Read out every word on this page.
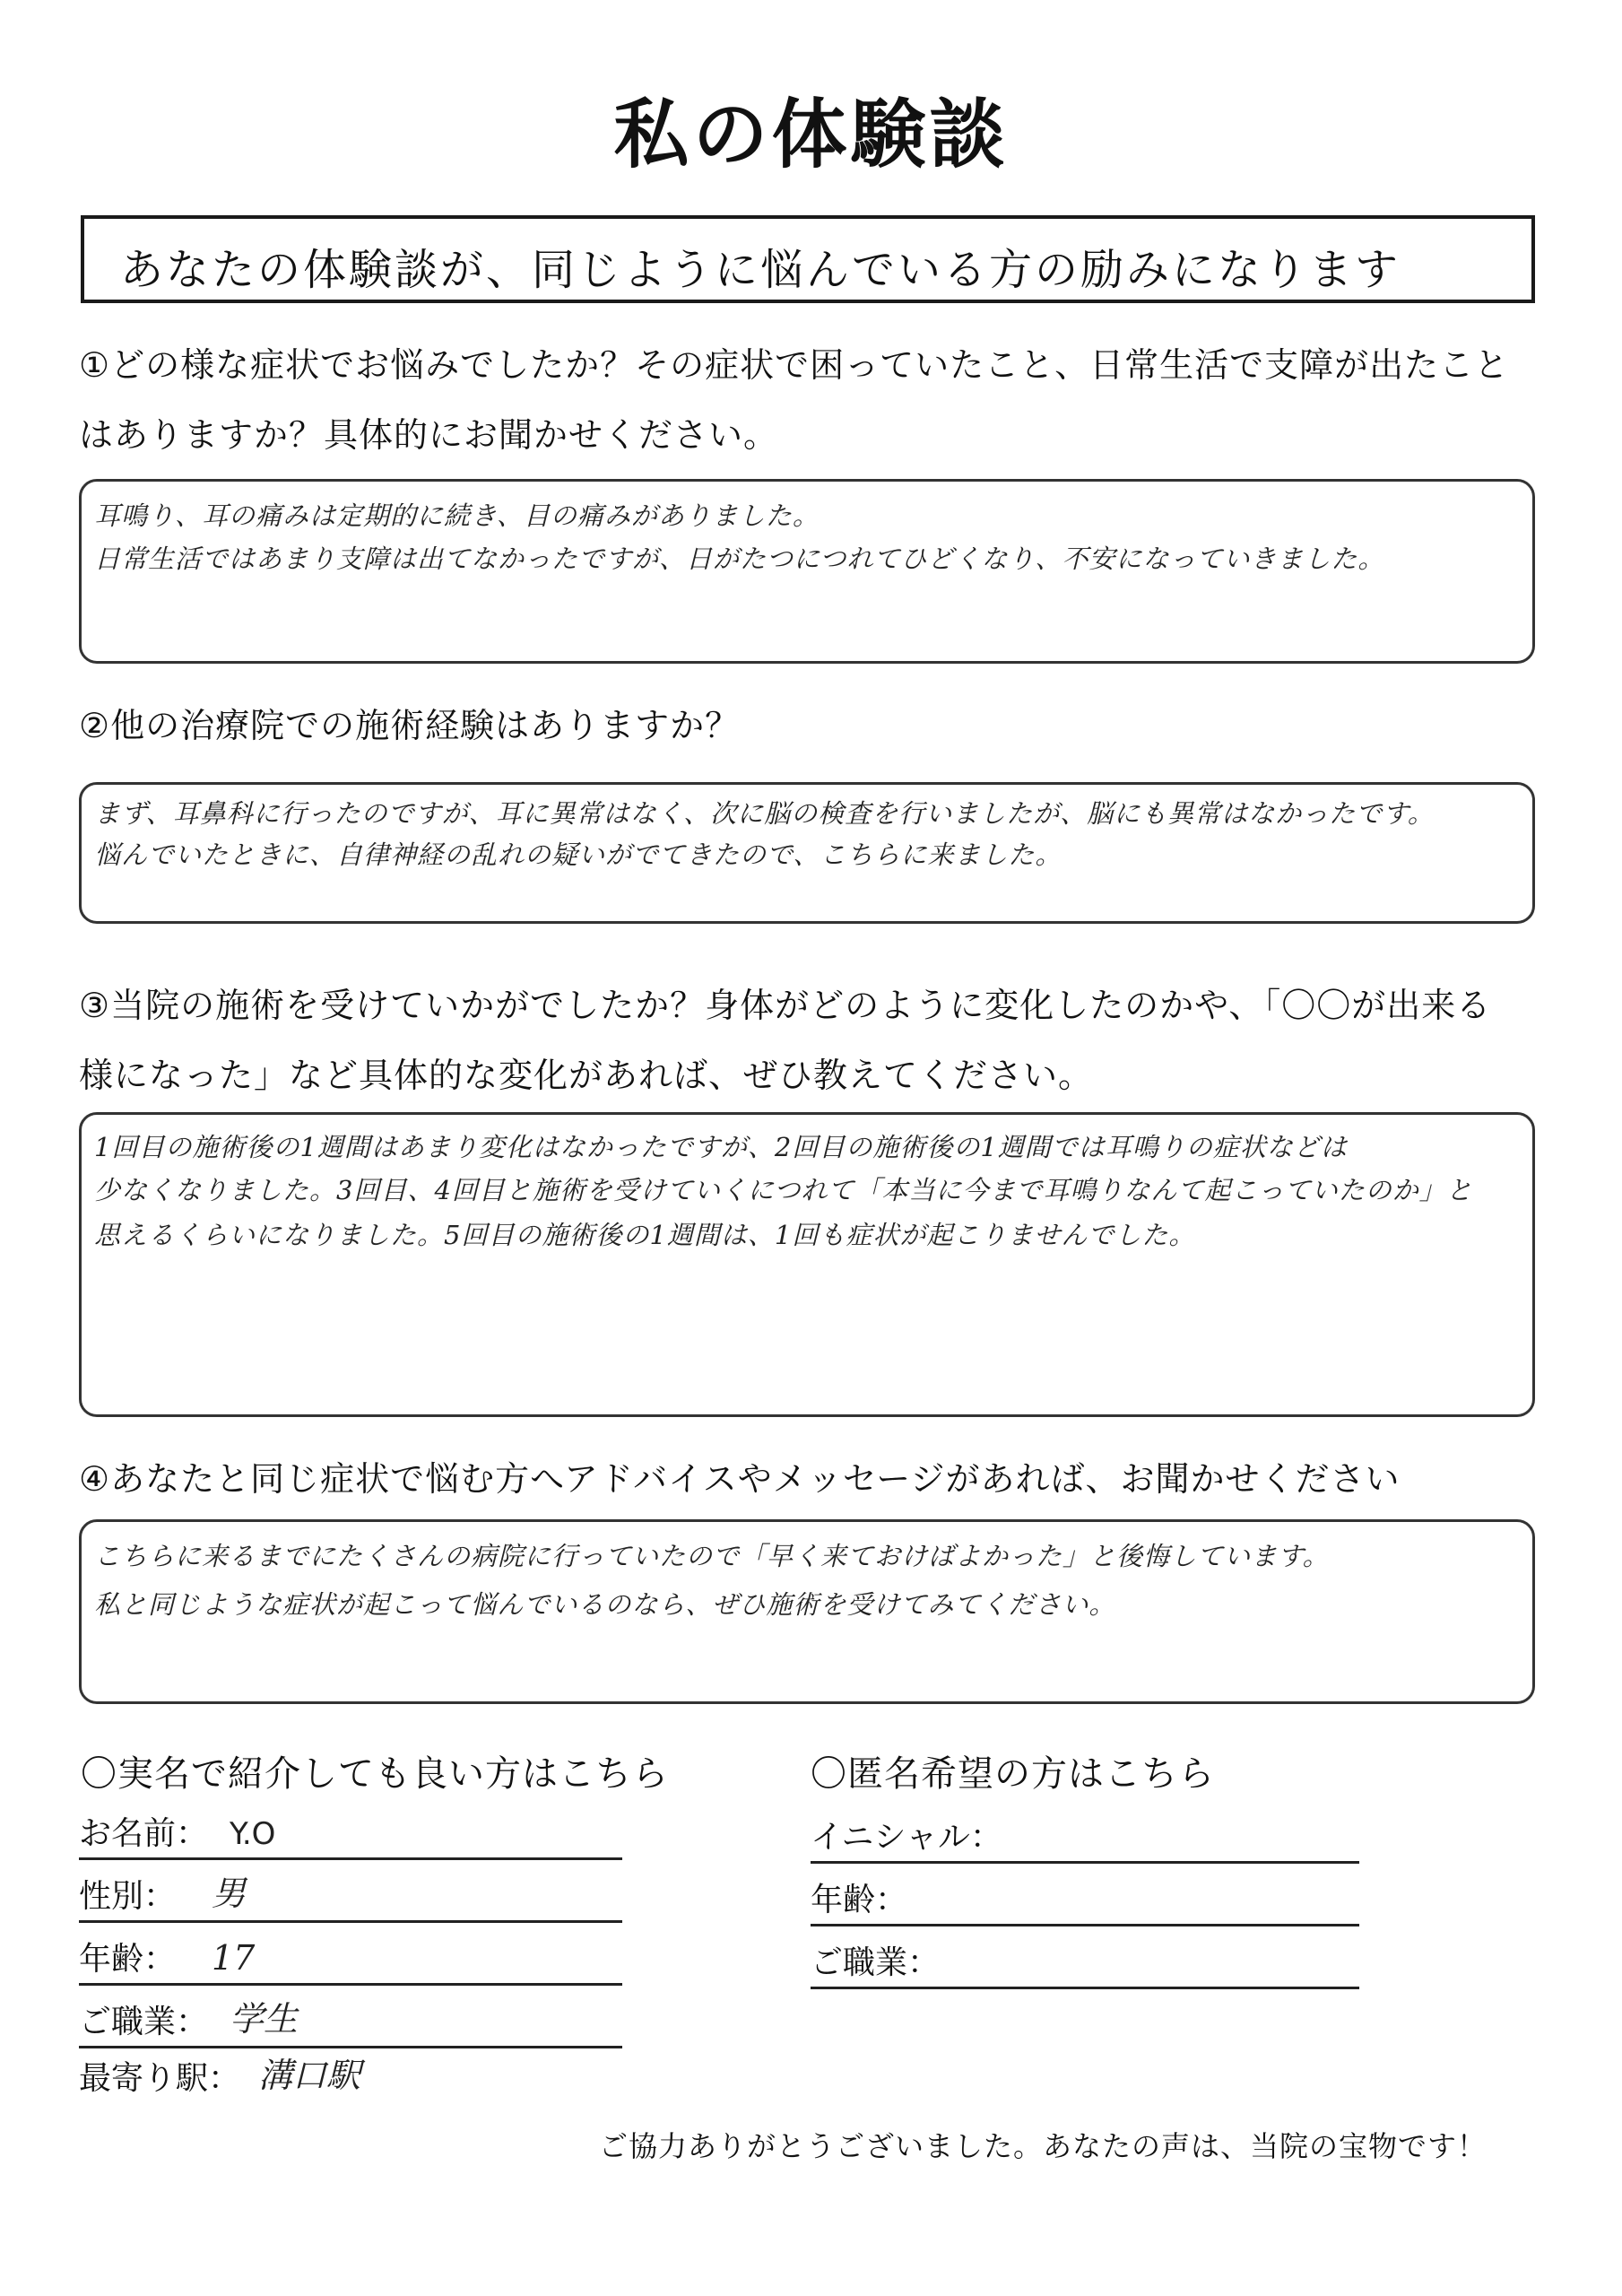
私の体験談
あなたの体験談が、同じように悩んでいる方の励みになります
①どの様な症状でお悩みでしたか？その症状で困っていたこと、日常生活で支障が出たこと
はありますか？具体的にお聞かせください。
耳鳴り、耳の痛みは定期的に続き、目の痛みがありました。
日常生活ではあまり支障は出てなかったですが、日がたつにつれてひどくなり、不安になっていきました。
②他の治療院での施術経験はありますか？
まず、耳鼻科に行ったのですが、耳に異常はなく、次に脳の検査を行いましたが、脳にも異常はなかったです。
悩んでいたときに、自律神経の乱れの疑いがでてきたので、こちらに来ました。
③当院の施術を受けていかがでしたか？身体がどのように変化したのかや、「〇〇が出来る
様になった」など具体的な変化があれば、ぜひ教えてください。
1回目の施術後の1週間はあまり変化はなかったですが、2回目の施術後の1週間では耳鳴りの症状などは
少なくなりました。3回目、4回目と施術を受けていくにつれて「本当に今まで耳鳴りなんて起こっていたのか」と
思えるくらいになりました。5回目の施術後の1週間は、1回も症状が起こりませんでした。
④あなたと同じ症状で悩む方へアドバイスやメッセージがあれば、お聞かせください
こちらに来るまでにたくさんの病院に行っていたので「早く来ておけばよかった」と後悔しています。
私と同じような症状が起こって悩んでいるのなら、ぜひ施術を受けてみてください。
〇実名で紹介しても良い方はこちら
お名前： Y.O
性別： 男
年齢： 17
ご職業： 学生
最寄り駅： 溝口駅
〇匿名希望の方はこちら
イニシャル：
年齢：
ご職業：
ご協力ありがとうございました。あなたの声は、当院の宝物です！
